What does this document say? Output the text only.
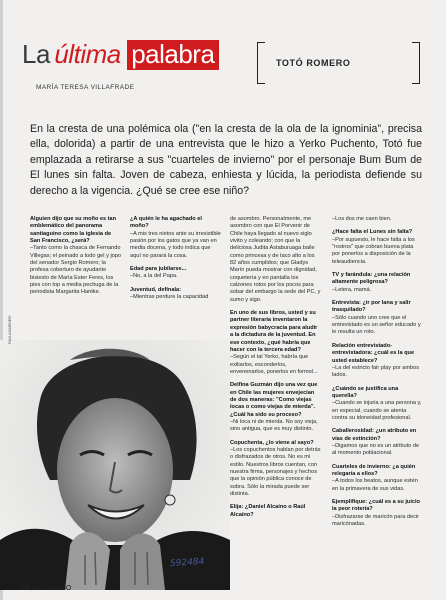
La última palabra
MARÍA TERESA VILLAFRADE
TOTÓ ROMERO
En la cresta de una polémica ola ("en la cresta de la ola de la ignominia", precisa ella, dolorida) a partir de una entrevista que le hizo a Yerko Puchento, Totó fue emplazada a retirarse a sus "cuarteles de invierno" por el personaje Bum Bum de El lunes sin falta. Joven de cabeza, enhiesta y lúcida, la periodista defiende su derecho a la vigencia. ¿Qué se cree ese niño?

Alguien dijo que su moño es tan emblemático del panorama santiaguino como la iglesia de San Francisco, ¿será?

–Tanto como la chasca de Fernando Villegas; el peinado a todo gel y jopo del senador Sergio Romero; la profesa coberturo de ayudante bisiesto de María Ester Feres, los pies con top a media pechuga de la periodista Margarita Hantke.

¿A quién le ha agachado el moño?

–A mis tres nietos ante su irresistible pasión por los gatos que ya van en media docena, y todo indica que aquí no parará la cosa.

Edad para jubilarse...

–No, a la del Papa.

Juventud, defínala:

–Mientras perdure la capacidad

de asombro. Personalmente, me asombro con que El Porvenir de Chile haya llegado al nuevo siglo vivito y coleando; con que la deliciosa Judita Astaburuaga baile como princesa y de taco alto a los 82 años cumplidos; que Gladys Marín pueda mostrar con dignidad, coquetería y en pantalla los calzones rotos por los pocos para sobar del embargo la sede del PC, y sumo y sigo.

En uno de sus libros, usted y su partner literaria inventaron la expresión babycracia para aludir a la dictadura de la juventud. En ese contexto, ¿qué habría que hacer con la tercera edad?

–Según el tal Yerko, habría que exiliarlos, esconderlos, envenenarlos, ponerlos en formol...

Delfina Guzmán dijo una vez que en Chile las mujeres envejecían de dos maneras: "Como viejas locas o como viejas de mierda". ¿Cuál ha sido su proceso?

–Ni loca ni de mierda. No soy vieja, sino antigua, que es muy distinto.

Copuchenta, ¿lo viene al sayo?

–Los copuchentos hablan por detrás o disfrazados de otros. No es mi estilo. Nuestros libros cuentan, con nuestra firma, personajes y hechos que la opinión pública conoce de sobra. Sólo la mirada puede ser distinta.

Elija: ¿Daniel Alcaíno o Raúl Alcaíno?

–Los dos me caen bien.

¿Hace falta el Lunes sin falta?

–Por supuesto, le hace falta a los "rostros" que cobran buena plata por ponerlos a disposición de la teleaudiencia.

TV y farándula: ¿una relación altamente peligrosa?

–Letera, mamá.

Entrevista: ¿ir por lana y salir trasquilado?

–Sólo cuando uno cree que el entrevistado es un señor educado y le resulta un roto.

Relación entrevistado-entrevistadora: ¿cuál es la que usted establece?

–La del estricto fair play por ambos lados.

¿Cuándo se justifica una querella?

–Cuando se injuria a una persona y, en especial, cuando se atenta contra su idoneidad profesional.

Caballerosidad: ¿un atributo en vías de extinción?

–Digamos que no es un atributo de al momento poblacional.

Cuarteles de invierno: ¿a quién relegaría a ellos?

–A todos los beatos, aunque estén en la primavera de sus vidas.

Ejemplifique: ¿cuál es a su juicio la peor rotería?

–Disfrazarse de maricón para decir maricónadas.

PAOLA BARBIERI
34 EL SÁBADO
592484
